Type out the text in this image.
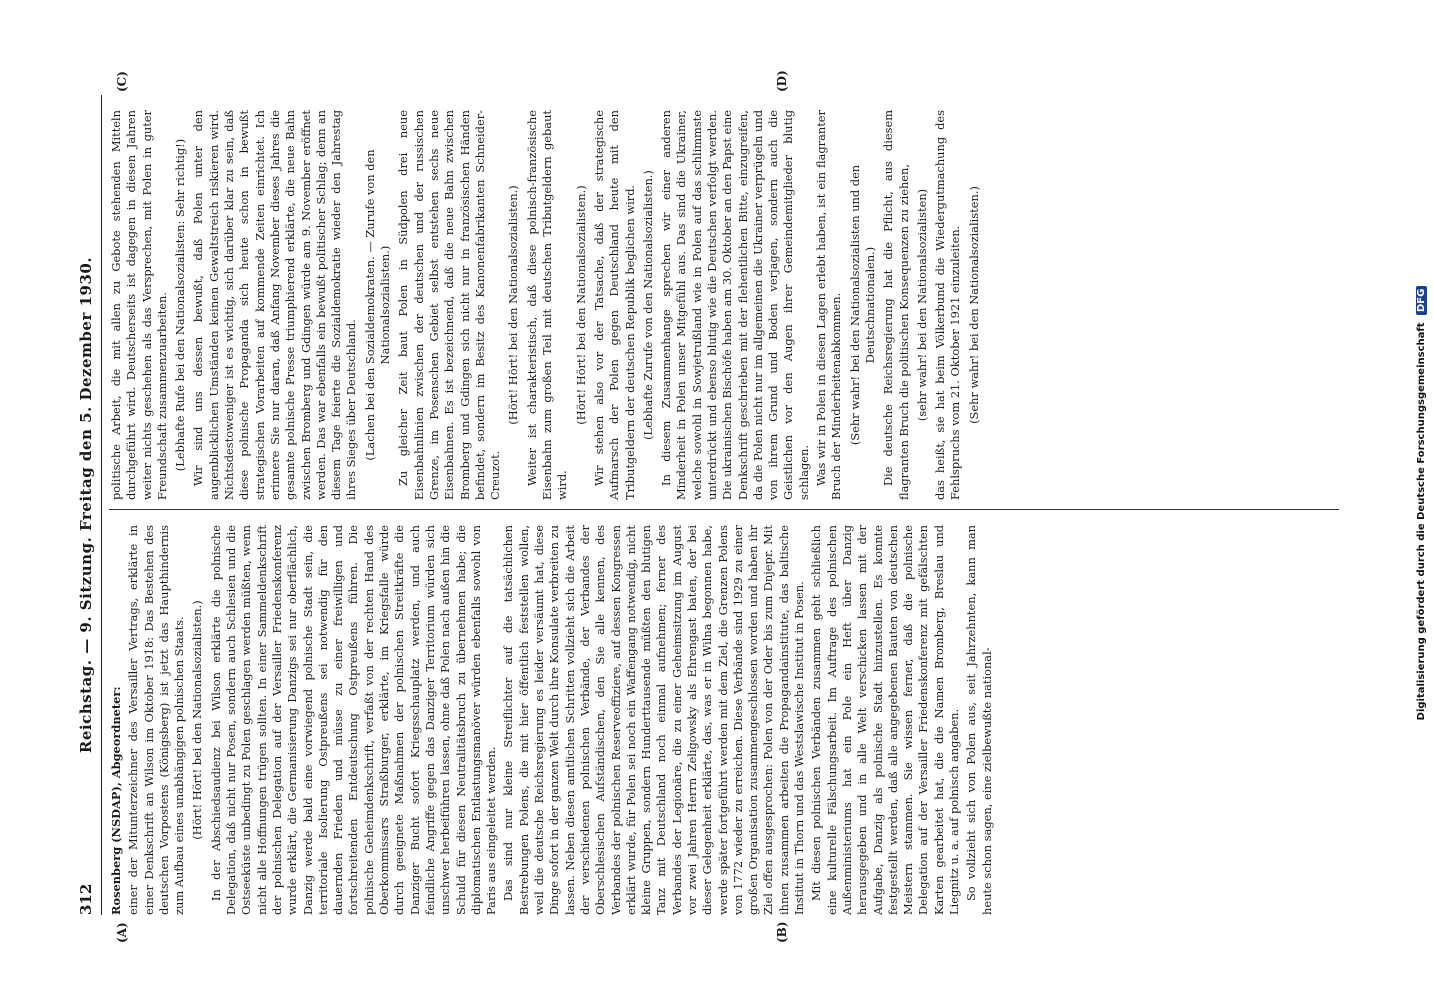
312
Reichstag. — 9. Sitzung. Freitag den 5. Dezember 1930.
(A)	(B)
(C)	(D)

Rosenberg (NSDAP), Abgeordneter: einer der Mitunterzeichner des Versailler Vertrags, erklärte in einer Denkschrift an Wilson im Oktober 1918: Das Bestehen des deutschen Vorpostens (Königsberg) ist jetzt das Haupthindernis zum Aufbau eines unabhängigen polnischen Staats. (Hört! Hört! bei den Nationalsozialisten.) In der Abschiedsaudienz bei Wilson erklärte die polnische Delegation, daß nicht nur Posen, sondern auch Schlesien und die Ostseeküste unbedingt zu Polen geschlagen werden müßten, wenn nicht alle Hoffnungen trügen sollten. In einer Sammeldenkschrift der polnischen Delegation auf der Versailler Friedenskonferenz wurde erklärt, die Germanisierung Danzigs sei nur oberflächlich, Danzig werde bald eine vorwiegend polnische Stadt sein, die territoriale Isolierung Ostpreußens sei notwendig für den dauernden Frieden und müsse zu einer freiwilligen und fortschreitenden Entdeutschung Ostpreußens führen. Die polnische Geheimdenkschrift, verfaßt von der rechten Hand des Oberkommissars Straßburger, erklärte, im Kriegsfalle würde durch geeignete Maßnahmen der polnischen Streitkräfte die Danziger Bucht sofort Kriegsschauplatz werden, und auch feindliche Angriffe gegen das Danziger Territorium würden sich unschwer herbeiführen lassen, ohne daß Polen nach außen hin die Schuld für diesen Neutralitätsbruch zu übernehmen habe; die diplomatischen Entlastungsmanöver würden ebenfalls sowohl von Paris aus eingeleitet werden. Das sind nur kleine Streiflichter auf die tatsächlichen Bestrebungen Polens, die mit hier öffentlich feststellen wollen, weil die deutsche Reichsregierung es leider versäumt hat, diese Dinge sofort in der ganzen Welt durch ihre Konsulate verbreiten zu lassen. Neben diesen amtlichen Schritten vollzieht sich die Arbeit der verschiedenen polnischen Verbände, der Verbandes der Oberschlesischen Aufständischen, den Sie alle kennen, des Verbandes der polnischen Reserveoffiziere, auf dessen Kongressen erklärt wurde, für Polen sei noch ein Waffengang notwendig, nicht kleine Gruppen, sondern Hunderttausende müßten den blutigen Tanz mit Deutschland noch einmal aufnehmen; ferner des Verbandes der Legionäre, die zu einer Geheimsitzung im August vor zwei Jahren Herrn Zeligowsky als Ehrengast baten, der bei dieser Gelegenheit erklärte, das, was er in Wilna begonnen habe, werde später fortgeführt werden mit dem Ziel, die Grenzen Polens von 1772 wieder zu erreichen. Diese Verbände sind 1929 zu einer großen Organisation zusammengeschlossen worden und haben ihr Ziel offen ausgesprochen: Polen von der Oder bis zum Dnjepr. Mit ihnen zusammen arbeiten die Propagandainstitute, das baltische Institut in Thorn und das Westslawische Institut in Posen. Mit diesen polnischen Verbänden zusammen geht schließlich eine kulturelle Fälschungsarbeit. Im Auftrage des polnischen Außenministeriums hat ein Pole ein Heft über Danzig herausgegeben und in alle Welt verschicken lassen mit der Aufgabe, Danzig als polnische Stadt hinzustellen. Es konnte festgestellt werden, daß alle angegebenen Bauten von deutschen Meistern stammen. Sie wissen ferner, daß die polnische Delegation auf der Versailler Friedenskonferenz mit gefälschten Karten gearbeitet hat, die die Namen Bromberg, Breslau und Liegnitz u. a. auf polnisch angaben. So vollzieht sich von Polen aus, seit Jahrzehnten, kann man heute schon sagen, eine zielbewußte national-

politische Arbeit, die mit allen zu Gebote stehenden Mitteln durchgeführt wird. Deutscherseits ist dagegen in diesen Jahren weiter nichts geschehen als das Versprechen, mit Polen in guter Freundschaft zusammenzuarbeiten. (Lebhafte Rufe bei den Nationalsozialisten: Sehr richtig!) Wir sind uns dessen bewußt, daß Polen unter den augenblicklichen Umständen keinen Gewaltstreich riskieren wird. Nichtsdestoweniger ist es wichtig, sich darüber klar zu sein, daß diese polnische Propaganda sich heute schon in bewußt strategischen Vorarbeiten auf kommende Zeiten einrichtet. Ich erinnere Sie nur daran, daß Anfang November dieses Jahres die gesamte polnische Presse triumphierend erklärte, die neue Bahn zwischen Bromberg und Gdingen würde am 9. November eröffnet werden. Das war ebenfalls ein bewußt politischer Schlag; denn an diesem Tage feierte die Sozialdemokratie wieder den Jahrestag ihres Sieges über Deutschland. (Lachen bei den Sozialdemokraten. — Zurufe von den Nationalsozialisten.) Zu gleicher Zeit baut Polen in Südpolen drei neue Eisenbahnlinien zwischen der deutschen und der russischen Grenze, im Posenschen Gebiet selbst entstehen sechs neue Eisenbahnen. Es ist bezeichnend, daß die neue Bahn zwischen Bromberg und Gdingen sich nicht nur in französischen Händen befindet, sondern im Besitz des Kanonenfabrikanten Schneider-Creuzot.

(Hört! Hört! bei den Nationalsozialisten.) Weiter ist charakteristisch, daß diese polnisch-französische Eisenbahn zum großen Teil mit deutschen Tributgeldern gebaut wird.

(Hört! Hört! bei den Nationalsozialisten.) Wir stehen also vor der Tatsache, daß der strategische Aufmarsch der Polen gegen Deutschland heute mit den Tributgeldern der deutschen Republik beglichen wird. (Lebhafte Zurufe von den Nationalsozialisten.) In diesem Zusammenhange sprechen wir einer anderen Minderheit in Polen unser Mitgefühl aus. Das sind die Ukrainer, welche sowohl in Sowjetrußland wie in Polen auf das schlimmste unterdrückt und ebenso blutig wie die Deutschen verfolgt werden. Die ukrainischen Bischöfe haben am 30. Oktober an den Papst eine Denkschrift geschrieben mit der flehentlichen Bitte, einzugreifen, da die Polen nicht nur im allgemeinen die Ukrainer verprügeln und von ihrem Grund und Boden verjagen, sondern auch die Geistlichen vor den Augen ihrer Gemeindemitglieder blutig schlagen. Was wir in Polen in diesen Lagen erlebt haben, ist ein flagranter Bruch der Minderheitenabkommen. (Sehr wahr! bei den Nationalsozialisten und den Deutschnationalen.) Die deutsche Reichsregierung hat die Pflicht, aus diesem flagranten Bruch die politischen Konsequenzen zu ziehen, (sehr wahr! bei den Nationalsozialisten) das heißt, sie hat beim Völkerbund die Wiedergutmachung des Fehlspruchs vom 21. Oktober 1921 einzuleiten. (Sehr wahr! bei den Nationalsozialisten.)

Digitalisierung gefördert durch die Deutsche Forschungsgemeinschaft DFG
